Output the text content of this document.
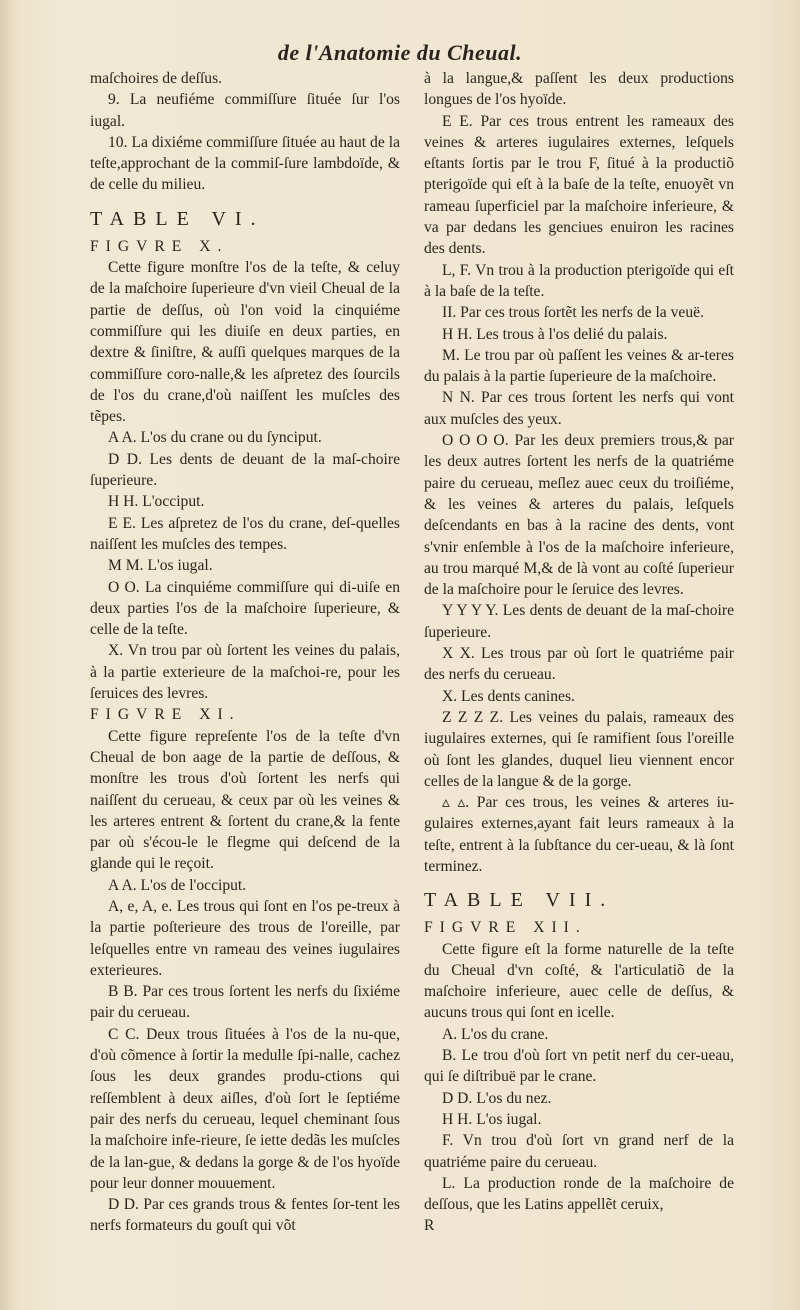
de l'Anatomie du Cheual.

maſchoires de deſſus.

9. La neufiéme commiſſure ſituée ſur l'os iugal.

10. La dixiéme commiſſure ſituée au haut de la teſte,approchant de la commiſ-ſure lambdoïde, & de celle du milieu.

TABLE VI.

FIGVRE X.

Cette figure monſtre l'os de la teſte, & celuy de la maſchoire ſuperieure d'vn vieil Cheual de la partie de deſſus, où l'on void la cinquiéme commiſſure qui les diuiſe en deux parties, en dextre & ſiniſtre, & auſſi quelques marques de la commiſſure coro-nalle,& les aſpretez des ſourcils de l'os du crane,d'où naiſſent les muſcles des tẽpes.

A A. L'os du crane ou du ſynciput.

D D. Les dents de deuant de la maſ-choire ſuperieure.

H H. L'occiput.

E E. Les aſpretez de l'os du crane, deſ-quelles naiſſent les muſcles des tempes.

M M. L'os iugal.

O O. La cinquiéme commiſſure qui di-uiſe en deux parties l'os de la maſchoire ſuperieure, & celle de la teſte.

X. Vn trou par où ſortent les veines du palais, à la partie exterieure de la maſchoi-re, pour les ſeruices des levres.

FIGVRE XI.

Cette figure repreſente l'os de la teſte d'vn Cheual de bon aage de la partie de deſſous, & monſtre les trous d'où ſortent les nerfs qui naiſſent du cerueau, & ceux par où les veines & les arteres entrent & ſortent du crane,& la fente par où s'écou-le le flegme qui deſcend de la glande qui le reçoit.

A A. L'os de l'occiput.

A, e, A, e. Les trous qui ſont en l'os pe-treux à la partie poſterieure des trous de l'oreille, par leſquelles entre vn rameau des veines iugulaires exterieures.

B B. Par ces trous ſortent les nerfs du ſixiéme pair du cerueau.

C C. Deux trous ſituées à l'os de la nu-que, d'où cõmence à ſortir la medulle ſpi-nalle, cachez ſous les deux grandes produ-ctions qui reſſemblent à deux aiſles, d'où ſort le ſeptiéme pair des nerfs du cerueau, lequel cheminant ſous la maſchoire infe-rieure, ſe iette dedãs les muſcles de la lan-gue, & dedans la gorge & de l'os hyoïde pour leur donner mouuement.

D D. Par ces grands trous & fentes ſor-tent les nerfs formateurs du gouſt qui võt

à la langue,& paſſent les deux productions longues de l'os hyoïde.

E E. Par ces trous entrent les rameaux des veines & arteres iugulaires externes, leſquels eſtants ſortis par le trou F, ſitué à la productiõ pterigoïde qui eſt à la baſe de la teſte, enuoyẽt vn rameau ſuperficiel par la maſchoire inferieure, & va par dedans les genciues enuiron les racines des dents.

L, F. Vn trou à la production pterigoïde qui eſt à la baſe de la teſte.

II. Par ces trous ſortẽt les nerfs de la veuë.

H H. Les trous à l'os delié du palais.

M. Le trou par où paſſent les veines & ar-teres du palais à la partie ſuperieure de la maſchoire.

N N. Par ces trous ſortent les nerfs qui vont aux muſcles des yeux.

O O O O. Par les deux premiers trous,& par les deux autres ſortent les nerfs de la quatriéme paire du cerueau, meſlez auec ceux du troiſiéme, & les veines & arteres du palais, leſquels deſcendants en bas à la racine des dents, vont s'vnir enſemble à l'os de la maſchoire inferieure, au trou marqué M,& de là vont au coſté ſuperieur de la maſchoire pour le ſeruice des levres.

Y Y Y Y. Les dents de deuant de la maſ-choire ſuperieure.

X X. Les trous par où ſort le quatriéme pair des nerfs du cerueau.

X. Les dents canines.

Z Z Z Z. Les veines du palais, rameaux des iugulaires externes, qui ſe ramifient ſous l'oreille où ſont les glandes, duquel lieu viennent encor celles de la langue & de la gorge.

▵ ▵. Par ces trous, les veines & arteres iu-gulaires externes,ayant fait leurs rameaux à la teſte, entrent à la ſubſtance du cer-ueau, & là ſont terminez.

TABLE VII.

FIGVRE XII.

Cette figure eſt la forme naturelle de la teſte du Cheual d'vn coſté, & l'articulatiõ de la maſchoire inferieure, auec celle de deſſus, & aucuns trous qui ſont en icelle.

A. L'os du crane.

B. Le trou d'où ſort vn petit nerf du cer-ueau, qui ſe diſtribuë par le crane.

D D. L'os du nez.

H H. L'os iugal.

F. Vn trou d'où ſort vn grand nerf de la quatriéme paire du cerueau.

L. La production ronde de la maſchoire de deſſous, que les Latins appellẽt ceruix,

R
